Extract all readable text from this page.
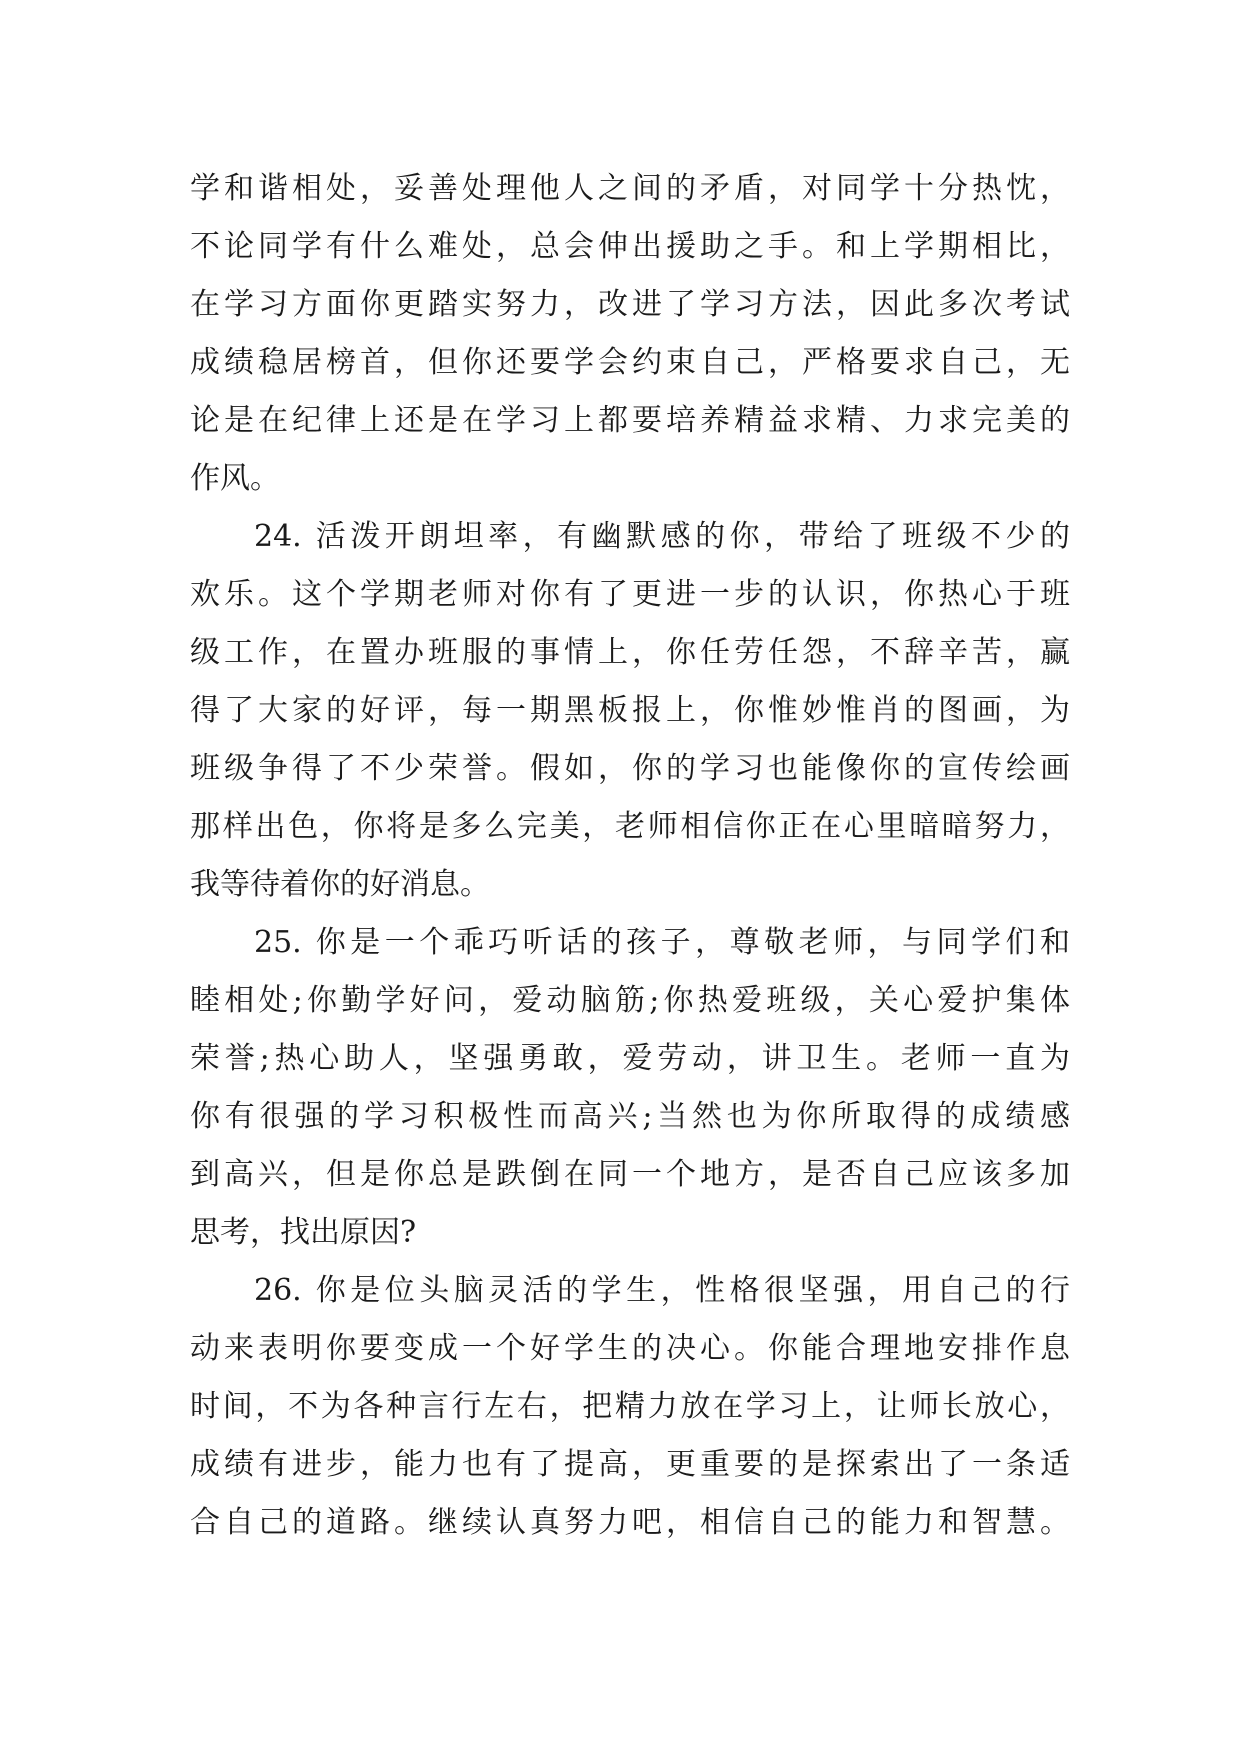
学和谐相处，妥善处理他人之间的矛盾，对同学十分热忱，
不论同学有什么难处，总会伸出援助之手。和上学期相比，
在学习方面你更踏实努力，改进了学习方法，因此多次考试
成绩稳居榜首，但你还要学会约束自己，严格要求自己，无
论是在纪律上还是在学习上都要培养精益求精、力求完美的
作风。
24. 活泼开朗坦率，有幽默感的你，带给了班级不少的
欢乐。这个学期老师对你有了更进一步的认识，你热心于班
级工作，在置办班服的事情上，你任劳任怨，不辞辛苦，赢
得了大家的好评，每一期黑板报上，你惟妙惟肖的图画，为
班级争得了不少荣誉。假如，你的学习也能像你的宣传绘画
那样出色，你将是多么完美，老师相信你正在心里暗暗努力，
我等待着你的好消息。
25. 你是一个乖巧听话的孩子，尊敬老师，与同学们和
睦相处;你勤学好问，爱动脑筋;你热爱班级，关心爱护集体
荣誉;热心助人，坚强勇敢，爱劳动，讲卫生。老师一直为
你有很强的学习积极性而高兴;当然也为你所取得的成绩感
到高兴，但是你总是跌倒在同一个地方，是否自己应该多加
思考，找出原因?
26. 你是位头脑灵活的学生，性格很坚强，用自己的行
动来表明你要变成一个好学生的决心。你能合理地安排作息
时间，不为各种言行左右，把精力放在学习上，让师长放心，
成绩有进步，能力也有了提高，更重要的是探索出了一条适
合自己的道路。继续认真努力吧，相信自己的能力和智慧。
